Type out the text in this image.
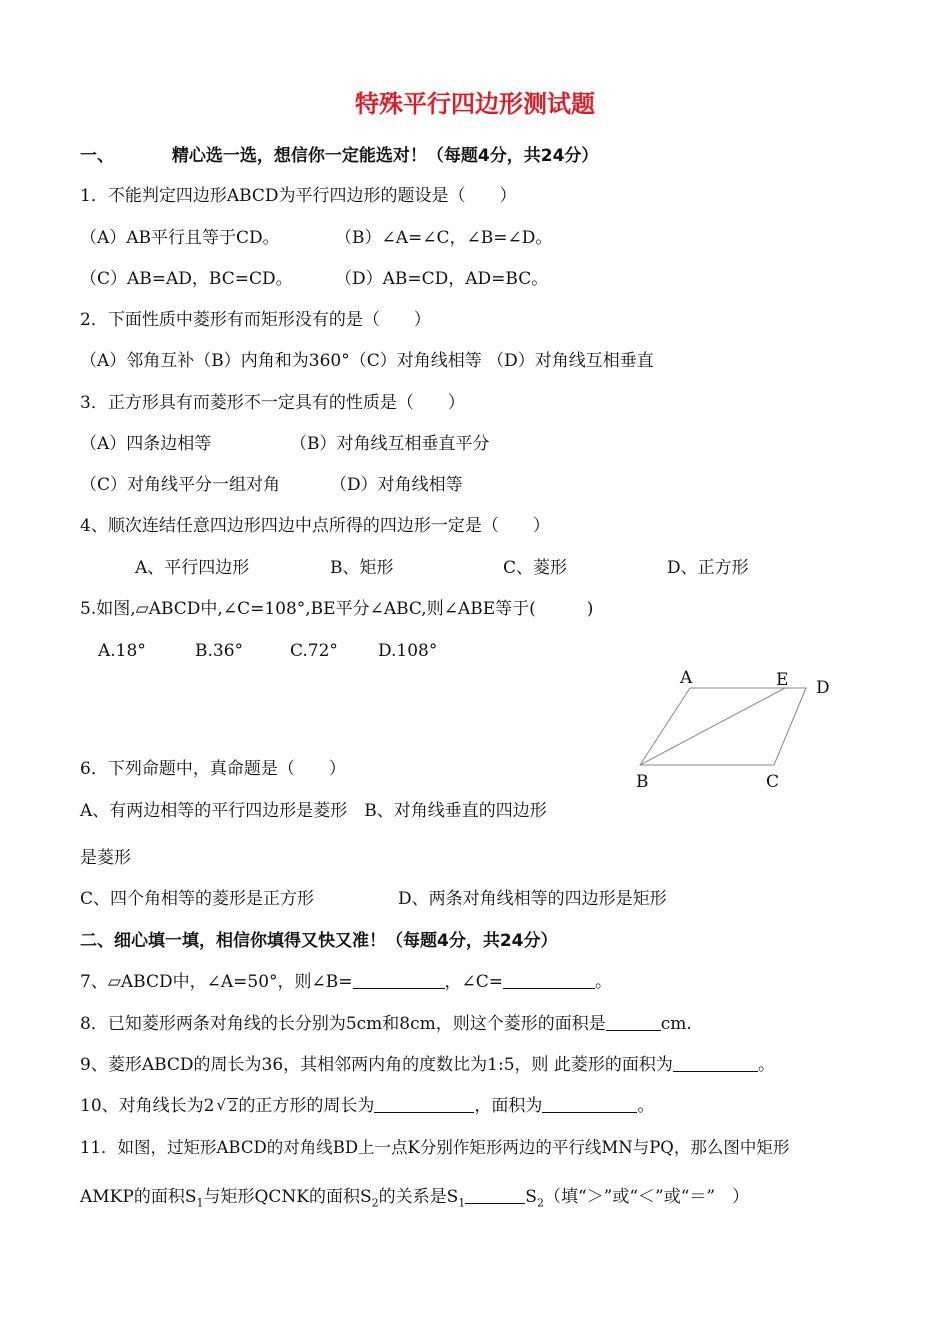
特殊平行四边形测试题
一、	精心选一选，想信你一定能选对！（每题4分，共24分）
1．不能判定四边形ABCD为平行四边形的题设是（　　）
（A）AB平行且等于CD。	（B）∠A=∠C，∠B=∠D。
（C）AB=AD，BC=CD。 （D）AB=CD，AD=BC。
2．下面性质中菱形有而矩形没有的是（　　）
（A）邻角互补（B）内角和为360°（C）对角线相等 （D）对角线互相垂直
3．正方形具有而菱形不一定具有的性质是（　　）
（A）四条边相等	（B）对角线互相垂直平分
（C）对角线平分一组对角	（D）对角线相等
4、顺次连结任意四边形四边中点所得的四边形一定是（　　）
A、平行四边形	B、矩形	C、菱形	D、正方形
5.如图,▱ABCD中,∠C=108°,BE平分∠ABC,则∠ABE等于(　　　)
A.18°	B.36°	C.72° D.108°
A	E D
B	C
6．下列命题中，真命题是（　　）
A、有两边相等的平行四边形是菱形　B、对角线垂直的四边形
是菱形
C、四个角相等的菱形是正方形	D、两条对角线相等的四边形是矩形
二、细心填一填，相信你填得又快又准！（每题4分，共24分）
7、▱ABCD中，∠A=50°，则∠B=	，∠C=	。
8．已知菱形两条对角线的长分别为5cm和8cm，则这个菱形的面积是	cm.
9、菱形ABCD的周长为36，其相邻两内角的度数比为1:5，则 此菱形的面积为	。
10、对角线长为2 √ 2的正方形的周长为	，面积为	。
11．如图，过矩形ABCD的对角线BD上一点K分别作矩形两边的平行线MN与PQ，那么图中矩形
AMKP的面积$S_1$与矩形QCNK的面积$S_2$的关系是$S_1$	$S_2$（填“＞”或“＜”或“＝”　）
